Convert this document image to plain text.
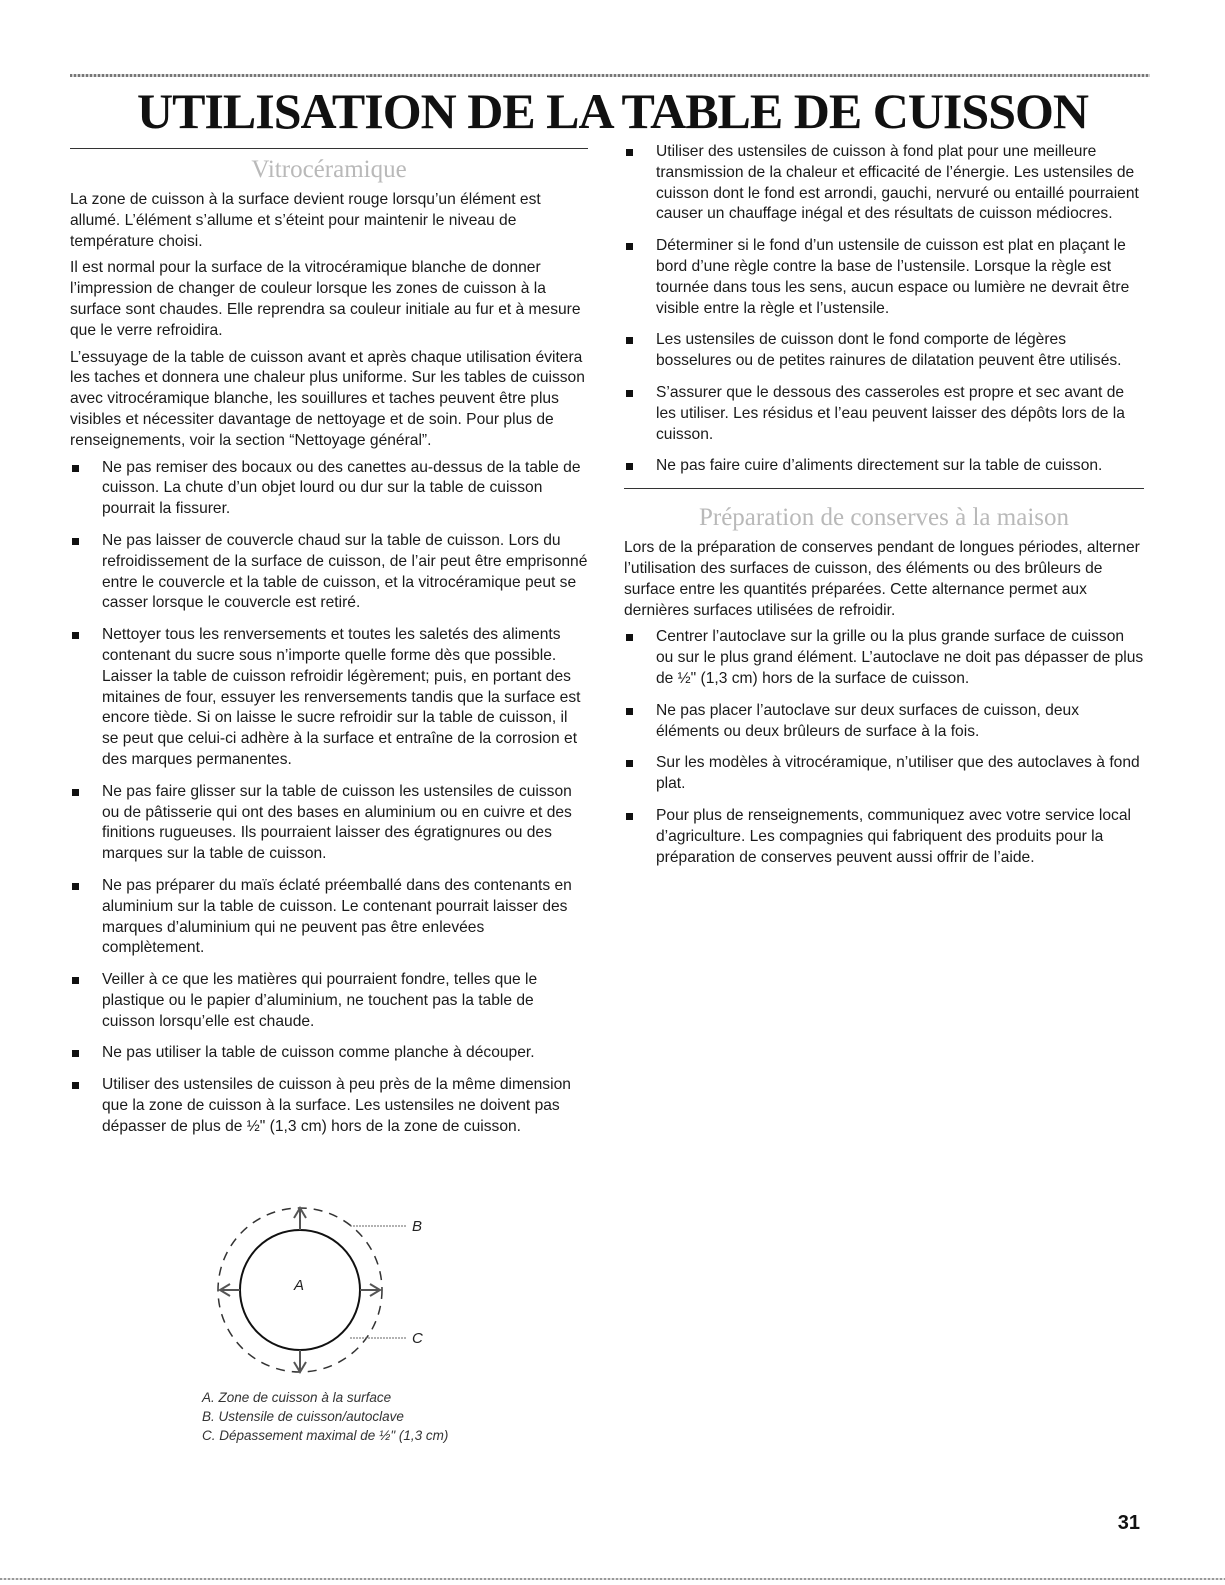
UTILISATION DE LA TABLE DE CUISSON
Vitrocéramique

La zone de cuisson à la surface devient rouge lorsqu’un élément est allumé. L’élément s’allume et s’éteint pour maintenir le niveau de température choisi.

Il est normal pour la surface de la vitrocéramique blanche de donner l’impression de changer de couleur lorsque les zones de cuisson à la surface sont chaudes. Elle reprendra sa couleur initiale au fur et à mesure que le verre refroidira.

L’essuyage de la table de cuisson avant et après chaque utilisation évitera les taches et donnera une chaleur plus uniforme. Sur les tables de cuisson avec vitrocéramique blanche, les souillures et taches peuvent être plus visibles et nécessiter davantage de nettoyage et de soin. Pour plus de renseignements, voir la section “Nettoyage général”.

Ne pas remiser des bocaux ou des canettes au-dessus de la table de cuisson. La chute d’un objet lourd ou dur sur la table de cuisson pourrait la fissurer.
Ne pas laisser de couvercle chaud sur la table de cuisson. Lors du refroidissement de la surface de cuisson, de l’air peut être emprisonné entre le couvercle et la table de cuisson, et la vitrocéramique peut se casser lorsque le couvercle est retiré.
Nettoyer tous les renversements et toutes les saletés des aliments contenant du sucre sous n’importe quelle forme dès que possible. Laisser la table de cuisson refroidir légèrement; puis, en portant des mitaines de four, essuyer les renversements tandis que la surface est encore tiède. Si on laisse le sucre refroidir sur la table de cuisson, il se peut que celui-ci adhère à la surface et entraîne de la corrosion et des marques permanentes.
Ne pas faire glisser sur la table de cuisson les ustensiles de cuisson ou de pâtisserie qui ont des bases en aluminium ou en cuivre et des finitions rugueuses. Ils pourraient laisser des égratignures ou des marques sur la table de cuisson.
Ne pas préparer du maïs éclaté préemballé dans des contenants en aluminium sur la table de cuisson. Le contenant pourrait laisser des marques d’aluminium qui ne peuvent pas être enlevées complètement.
Veiller à ce que les matières qui pourraient fondre, telles que le plastique ou le papier d’aluminium, ne touchent pas la table de cuisson lorsqu’elle est chaude.
Ne pas utiliser la table de cuisson comme planche à découper.
Utiliser des ustensiles de cuisson à peu près de la même dimension que la zone de cuisson à la surface. Les ustensiles ne doivent pas dépasser de plus de ½" (1,3 cm) hors de la zone de cuisson.
A
B
C
A. Zone de cuisson à la surface
B. Ustensile de cuisson/autoclave
C. Dépassement maximal de ½" (1,3 cm)
Utiliser des ustensiles de cuisson à fond plat pour une meilleure transmission de la chaleur et efficacité de l’énergie. Les ustensiles de cuisson dont le fond est arrondi, gauchi, nervuré ou entaillé pourraient causer un chauffage inégal et des résultats de cuisson médiocres.
Déterminer si le fond d’un ustensile de cuisson est plat en plaçant le bord d’une règle contre la base de l’ustensile. Lorsque la règle est tournée dans tous les sens, aucun espace ou lumière ne devrait être visible entre la règle et l’ustensile.
Les ustensiles de cuisson dont le fond comporte de légères bosselures ou de petites rainures de dilatation peuvent être utilisés.
S’assurer que le dessous des casseroles est propre et sec avant de les utiliser. Les résidus et l’eau peuvent laisser des dépôts lors de la cuisson.
Ne pas faire cuire d’aliments directement sur la table de cuisson.
Préparation de conserves à la maison

Lors de la préparation de conserves pendant de longues périodes, alterner l’utilisation des surfaces de cuisson, des éléments ou des brûleurs de surface entre les quantités préparées. Cette alternance permet aux dernières surfaces utilisées de refroidir.

Centrer l’autoclave sur la grille ou la plus grande surface de cuisson ou sur le plus grand élément. L’autoclave ne doit pas dépasser de plus de ½" (1,3 cm) hors de la surface de cuisson.
Ne pas placer l’autoclave sur deux surfaces de cuisson, deux éléments ou deux brûleurs de surface à la fois.
Sur les modèles à vitrocéramique, n’utiliser que des autoclaves à fond plat.
Pour plus de renseignements, communiquez avec votre service local d’agriculture. Les compagnies qui fabriquent des produits pour la préparation de conserves peuvent aussi offrir de l’aide.
31
